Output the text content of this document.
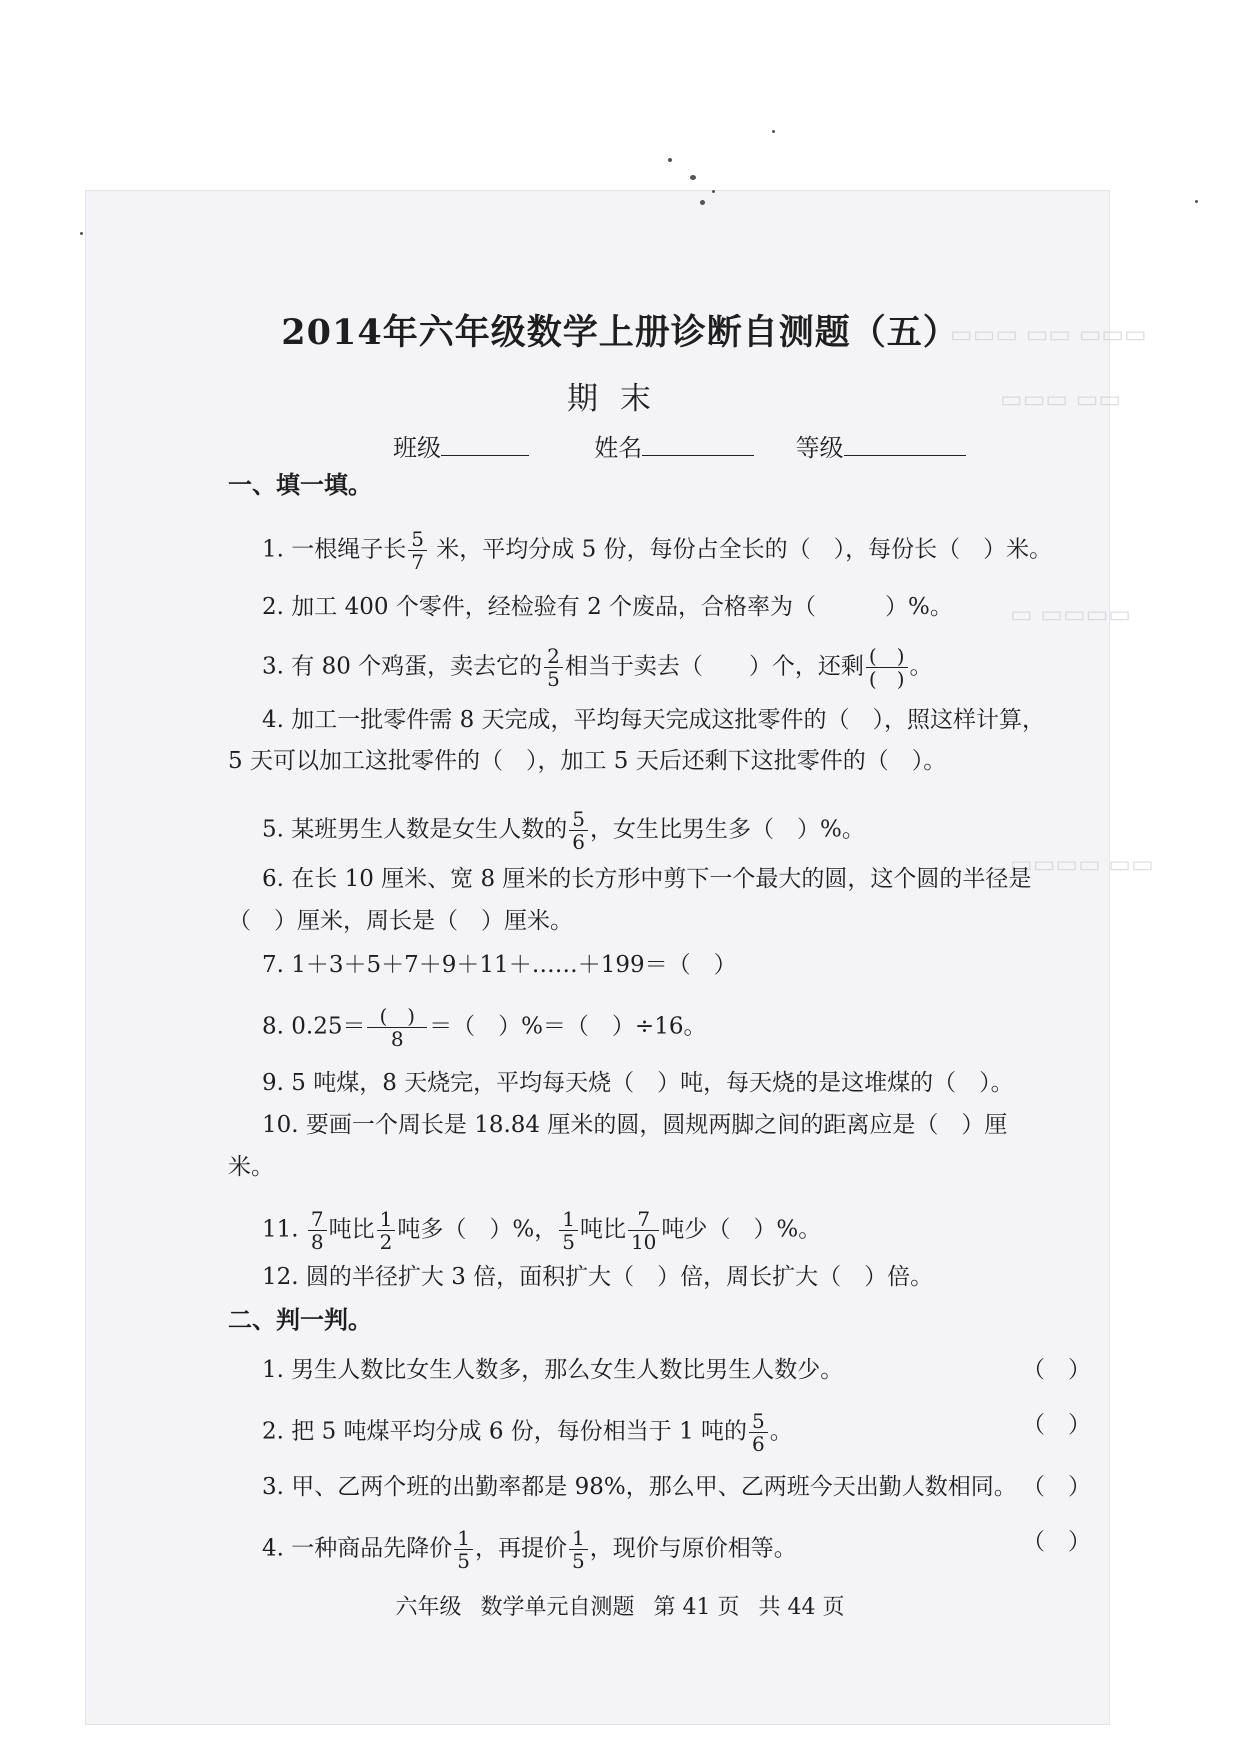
▭▭▭ ▭▭ ▭▭▭
▭▭ ▭▭▭
▭▭▭▭ ▭
▭▭ ▭▭▭▭
2014年六年级数学上册诊断自测题（五）
期末
班级	姓名	等级
一、填一填。
1. 一根绳子长 $\frac{5}{7}$ 米，平均分成 5 份，每份占全长的（　），每份长（　）米。
2. 加工 400 个零件，经检验有 2 个废品，合格率为（　　　）%。
3. 有 80 个鸡蛋，卖去它的 $\frac{2}{5}$ 相当于卖去（　　）个，还剩 $\frac{( )}{( )}$ 。
4. 加工一批零件需 8 天完成，平均每天完成这批零件的（　），照这样计算，
5 天可以加工这批零件的（　），加工 5 天后还剩下这批零件的（　）。
5. 某班男生人数是女生人数的 $\frac{5}{6}$ ，女生比男生多（　）%。
6. 在长 10 厘米、宽 8 厘米的长方形中剪下一个最大的圆，这个圆的半径是
（　）厘米，周长是（　）厘米。
7. 1＋3＋5＋7＋9＋11＋……＋199＝（　）
8. $0.25= \frac{( )}{8}$ ＝（　）%＝（　）÷16。
9. 5 吨煤，8 天烧完，平均每天烧（　）吨，每天烧的是这堆煤的（　）。
10. 要画一个周长是 18.84 厘米的圆，圆规两脚之间的距离应是（　）厘
米。
11. $\frac{7}{8}$ 吨比 $\frac{1}{2}$ 吨多（　）%， $\frac{1}{5}$ 吨比 $\frac{7}{10}$ 吨少（　）%。
12. 圆的半径扩大 3 倍，面积扩大（　）倍，周长扩大（　）倍。
二、判一判。
1. 男生人数比女生人数多，那么女生人数比男生人数少。	（　）
2. 把 5 吨煤平均分成 6 份，每份相当于 1 吨的 $\frac{5}{6}$ 。	（　）
3. 甲、乙两个班的出勤率都是 98%，那么甲、乙两班今天出勤人数相同。 （　）
4. 一种商品先降价 $\frac{1}{5}$ ，再提价 $\frac{1}{5}$ ，现价与原价相等。	（　）
六年级 数学单元自测题 第 41 页 共 44 页
